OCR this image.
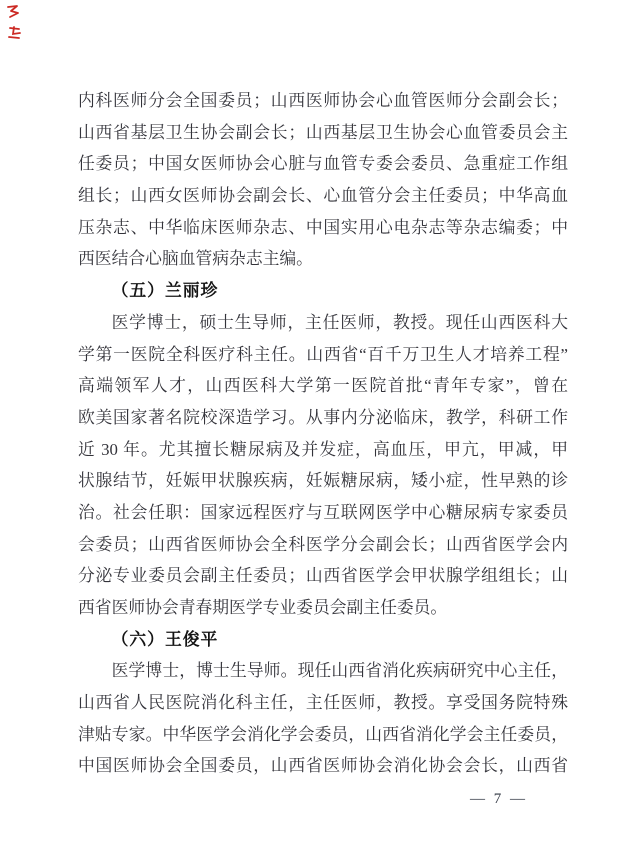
内科医师分会全国委员；山西医师协会心血管医师分会副会长；
山西省基层卫生协会副会长；山西基层卫生协会心血管委员会主
任委员；中国女医师协会心脏与血管专委会委员、急重症工作组
组长；山西女医师协会副会长、心血管分会主任委员；中华高血
压杂志、中华临床医师杂志、中国实用心电杂志等杂志编委；中
西医结合心脑血管病杂志主编。
（五）兰丽珍
医学博士，硕士生导师，主任医师，教授。现任山西医科大
学第一医院全科医疗科主任。山西省“百千万卫生人才培养工程”
高端领军人才，山西医科大学第一医院首批“青年专家”，曾在
欧美国家著名院校深造学习。从事内分泌临床，教学，科研工作
近 30 年。尤其擅长糖尿病及并发症，高血压，甲亢，甲减，甲
状腺结节，妊娠甲状腺疾病，妊娠糖尿病，矮小症，性早熟的诊
治。社会任职：国家远程医疗与互联网医学中心糖尿病专家委员
会委员；山西省医师协会全科医学分会副会长；山西省医学会内
分泌专业委员会副主任委员；山西省医学会甲状腺学组组长；山
西省医师协会青春期医学专业委员会副主任委员。
（六）王俊平
医学博士，博士生导师。现任山西省消化疾病研究中心主任，
山西省人民医院消化科主任，主任医师，教授。享受国务院特殊
津贴专家。中华医学会消化学会委员，山西省消化学会主任委员，
中国医师协会全国委员，山西省医师协会消化协会会长，山西省
— 7 —
